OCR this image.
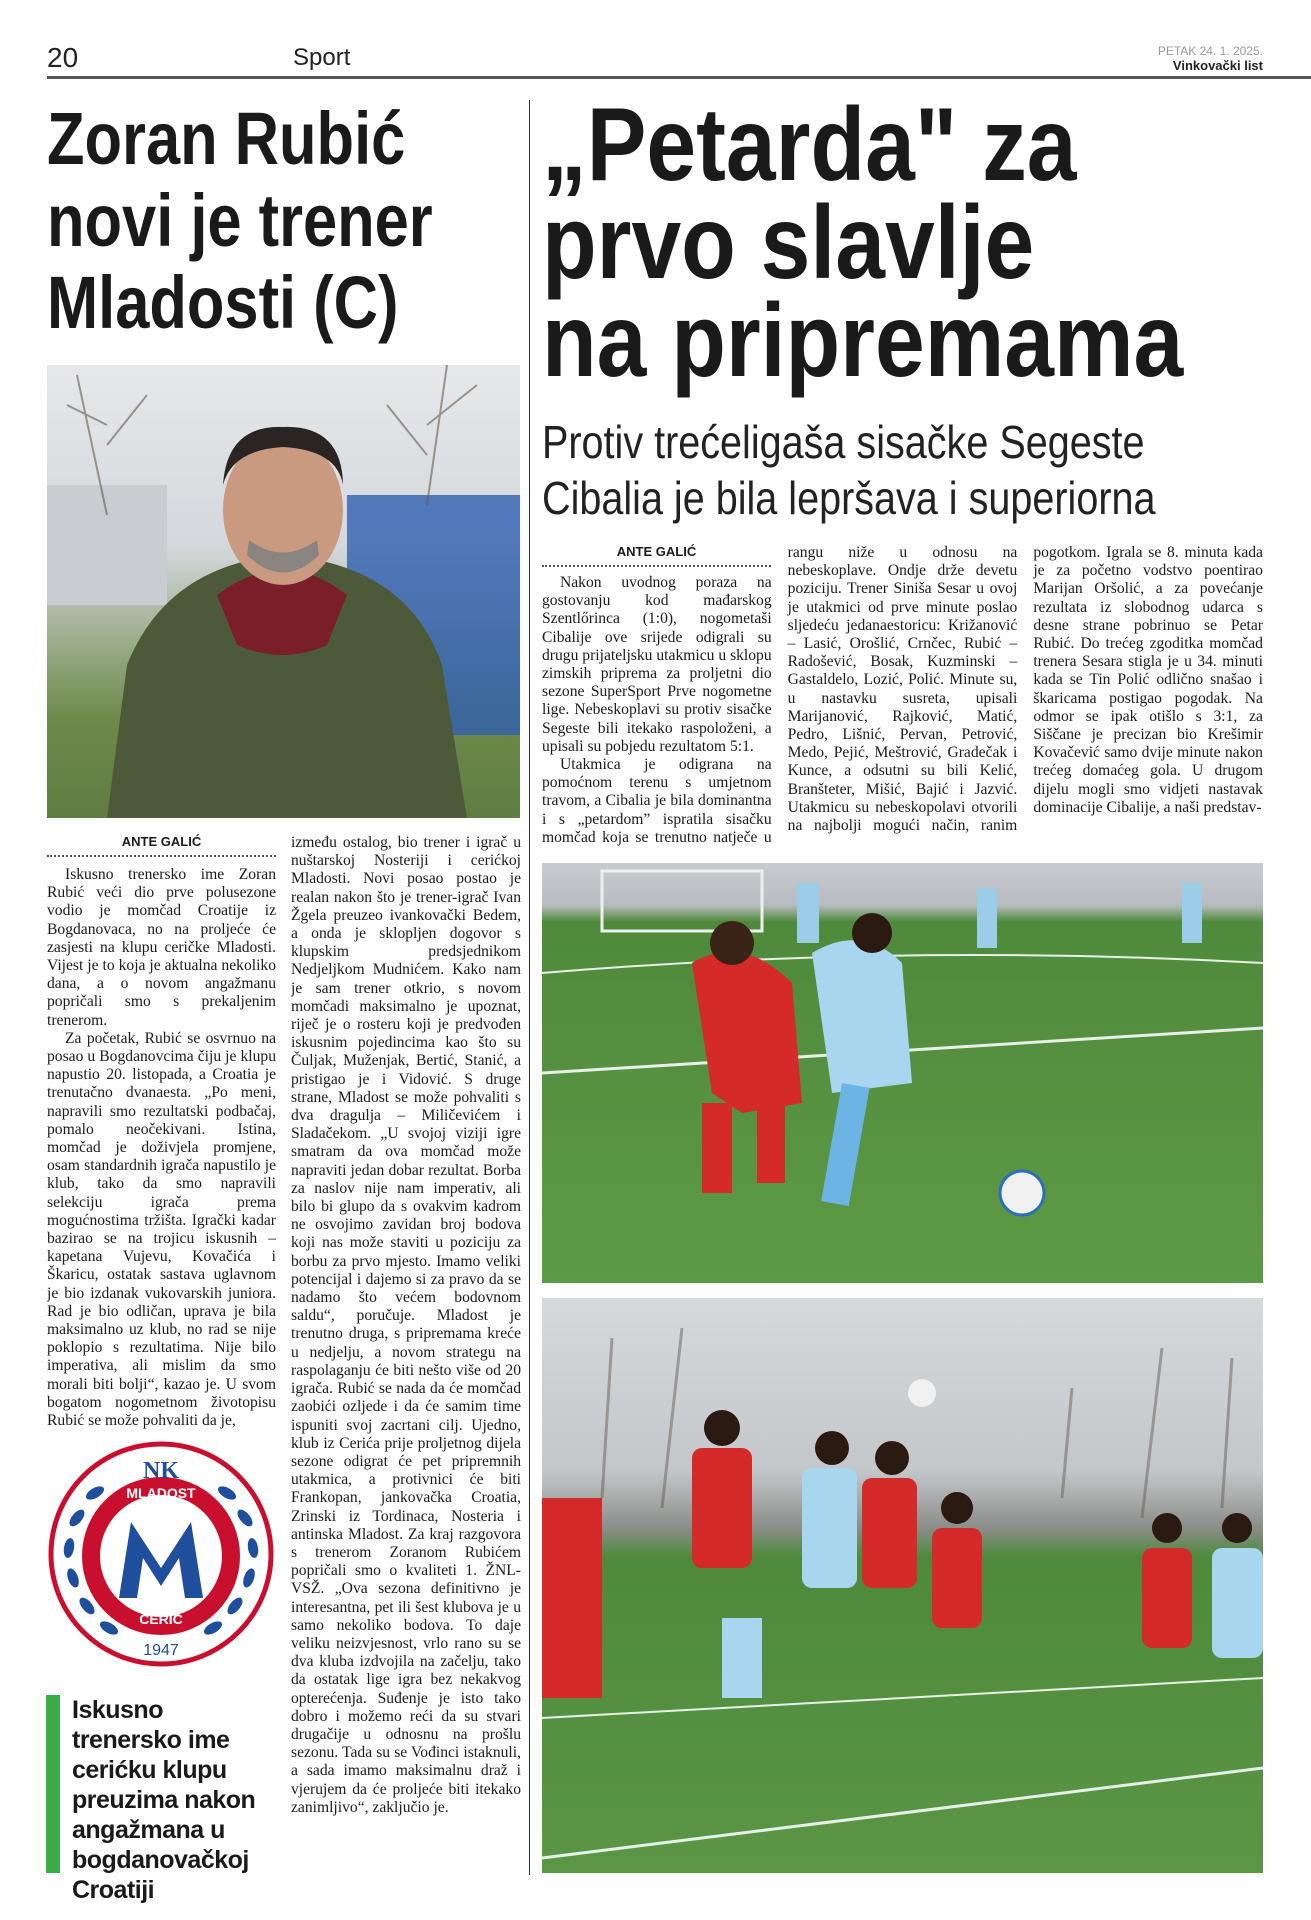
20	Sport	PETAK 24. 1. 2025.
Vinkovački list
Zoran Rubić
novi je trener
Mladosti (C)
ANTE GALIĆ

Iskusno trenersko ime Zoran Rubić veći dio prve polusezone vodio je momčad Croatije iz Bogdanovaca, no na proljeće će zasjesti na klupu ceričke Mladosti. Vijest je to koja je aktualna nekoliko dana, a o novom angažmanu popričali smo s prekaljenim trenerom.

Za početak, Rubić se osvrnuo na posao u Bogdanovcima čiju je klupu napustio 20. listopada, a Croatia je trenutačno dvanaesta. „Po meni, napravili smo rezultatski podbačaj, pomalo neočekivani. Istina, momčad je doživjela promjene, osam standardnih igrača napustilo je klub, tako da smo napravili selekciju igrača prema mogućnostima tržišta. Igrački kadar bazirao se na trojicu iskusnih – kapetana Vujevu, Kovačića i Škaricu, ostatak sastava uglavnom je bio izdanak vukovarskih juniora. Rad je bio odličan, uprava je bila maksimalno uz klub, no rad se nije poklopio s rezultatima. Nije bilo imperativa, ali mislim da smo morali biti bolji“, kazao je. U svom bogatom nogometnom životopisu Rubić se može pohvaliti da je,

između ostalog, bio trener i igrač u nuštarskoj Nosteriji i cerićkoj Mladosti. Novi posao postao je realan nakon što je trener-igrač Ivan Žgela preuzeo ivankovački Bedem, a onda je sklopljen dogovor s klupskim predsjednikom Nedjeljkom Mudnićem. Kako nam je sam trener otkrio, s novom momčadi maksimalno je upoznat, riječ je o rosteru koji je predvođen iskusnim pojedincima kao što su Čuljak, Muženjak, Bertić, Stanić, a pristigao je i Vidović. S druge strane, Mladost se može pohvaliti s dva dragulja – Miličevićem i Sladačekom. „U svojoj viziji igre smatram da ova momčad može napraviti jedan dobar rezultat. Borba za naslov nije nam imperativ, ali bilo bi glupo da s ovakvim kadrom ne osvojimo zavidan broj bodova koji nas može staviti u poziciju za borbu za prvo mjesto. Imamo veliki potencijal i dajemo si za pravo da se nadamo što većem bodovnom saldu“, poručuje. Mladost je trenutno druga, s pripremama kreće u nedjelju, a novom strategu na raspolaganju će biti nešto više od 20 igrača. Rubić se nada da će momčad zaobići ozljede i da će samim time ispuniti svoj zacrtani cilj. Ujedno, klub iz Cerića prije proljetnog dijela sezone odigrat će pet pripremnih utakmica, a protivnici će biti Frankopan, jankovačka Croatia, Zrinski iz Tordinaca, Nosteria i antinska Mladost. Za kraj razgovora s trenerom Zoranom Rubićem popričali smo o kvaliteti 1. ŽNL-VSŽ. „Ova sezona definitivno je interesantna, pet ili šest klubova je u samo nekoliko bodova. To daje veliku neizvjesnost, vrlo rano su se dva kluba izdvojila na začelju, tako da ostatak lige igra bez nekakvog opterećenja. Suđenje je isto tako dobro i možemo reći da su stvari drugačije u odnosnu na prošlu sezonu. Tada su se Vođinci istaknuli, a sada imamo maksimalnu draž i vjerujem da će proljeće biti itekako zanimljivo“, zaključio je.

NK
MLADOST
CERIĆ
1947
Iskusno trenersko ime cerićku klupu preuzima nakon angažmana u bogdanovačkoj Croatiji
„Petarda" za
prvo slavlje
na pripremama
Protiv trećeligaša sisačke Segeste
Cibalia je bila lepršava i superiorna
ANTE GALIĆ

Nakon uvodnog poraza na gostovanju kod mađarskog Szentlőrinca (1:0), nogometaši Cibalije ove srijede odigrali su drugu prijateljsku utakmicu u sklopu zimskih priprema za proljetni dio sezone SuperSport Prve nogometne lige. Nebeskoplavi su protiv sisačke Segeste bili itekako raspoloženi, a upisali su pobjedu rezultatom 5:1.

Utakmica je odigrana na pomoćnom terenu s umjetnom travom, a Cibalia je bila dominantna i s „petardom” ispratila sisačku momčad koja se trenutno natječe u rangu niže u odnosu na nebeskoplave. Ondje drže devetu poziciju. Trener Siniša Sesar u ovoj je utakmici od prve minute poslao sljedeću jedanaestoricu: Križanović – Lasić, Orošlić, Crnčec, Rubić – Radošević, Bosak, Kuzminski – Gastaldelo, Lozić, Polić. Minute su, u nastavku susreta, upisali Marijanović, Rajković, Matić, Pedro, Lišnić, Pervan, Petrović, Medo, Pejić, Meštrović, Gradečak i Kunce, a odsutni su bili Kelić, Branšteter, Mišić, Bajić i Jazvić. Utakmicu su nebeskopolavi otvorili na najbolji mogući način, ranim pogotkom. Igrala se 8. minuta kada je za početno vodstvo poentirao Marijan Oršolić, a za povećanje rezultata iz slobodnog udarca s desne strane pobrinuo se Petar Rubić. Do trećeg zgoditka momčad trenera Sesara stigla je u 34. minuti kada se Tin Polić odlično snašao i škaricama postigao pogodak. Na odmor se ipak otišlo s 3:1, za Siščane je precizan bio Krešimir Kovačević samo dvije minute nakon trećeg domaćeg gola. U drugom dijelu mogli smo vidjeti nastavak dominacije Cibalije, a naši predstav-
